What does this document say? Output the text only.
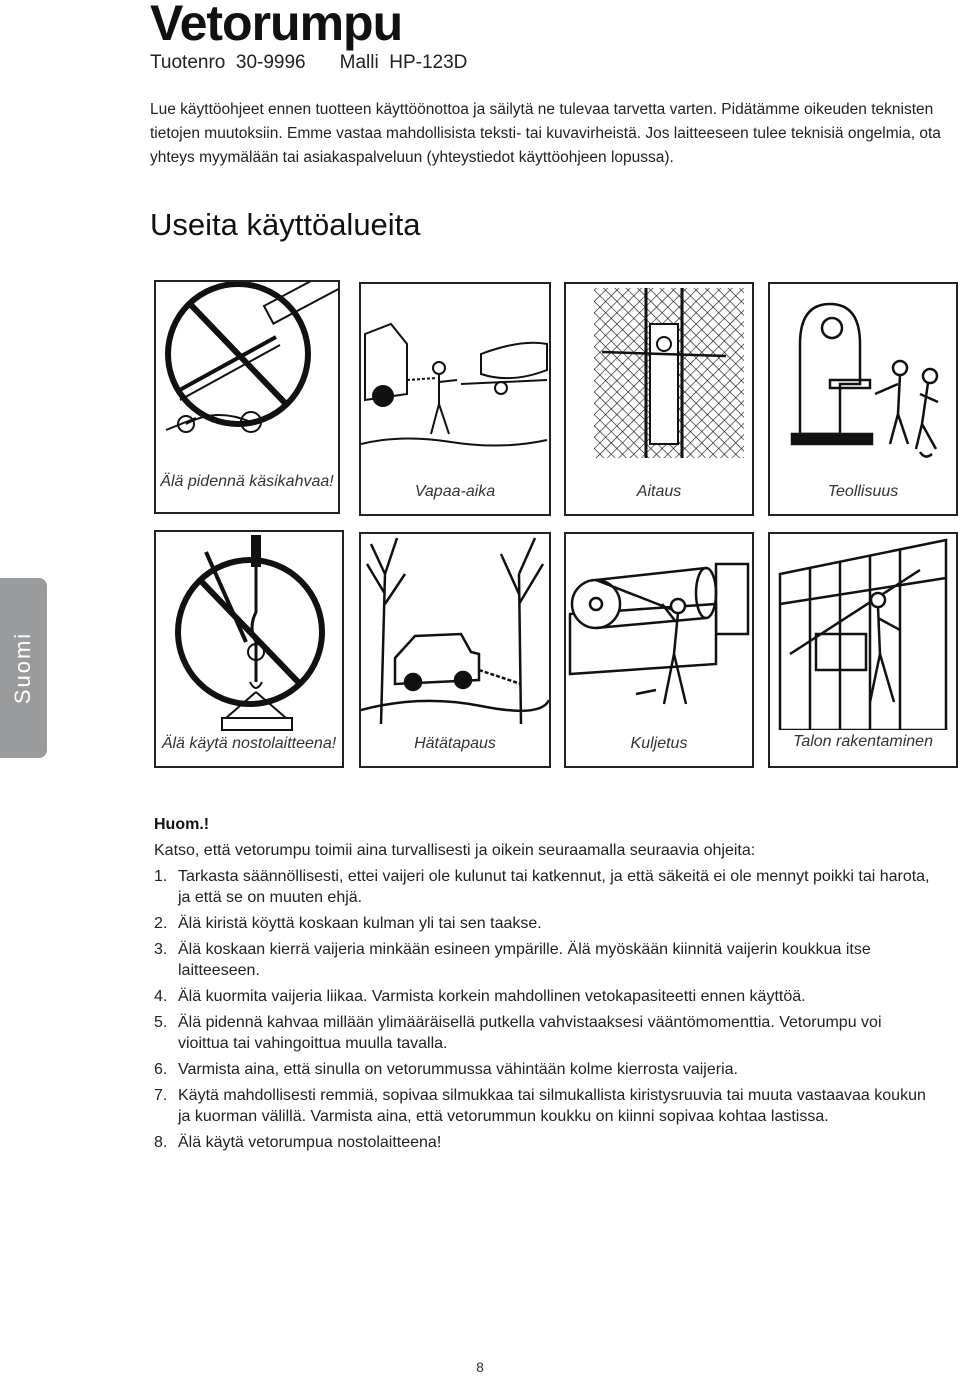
Vetorumpu
Tuotenro  30-9996 Malli  HP-123D

Lue käyttöohjeet ennen tuotteen käyttöönottoa ja säilytä ne tulevaa tarvetta varten. Pidätämme oikeuden teknisten tietojen muutoksiin. Emme vastaa mahdollisista teksti- tai kuvavirheistä. Jos laitteeseen tulee teknisiä ongelmia, ota yhteys myymälään tai asiakaspalveluun (yhteystiedot käyttöohjeen lopussa).

Useita käyttöalueita
Älä pidennä käsikahvaa!
Vapaa-aika	Aitaus	Teollisuus
Älä käytä nostolaitteena!	Hätätapaus	Kuljetus	Talon rakentaminen
Suomi
Huom.!
Katso, että vetorumpu toimii aina turvallisesti ja oikein seuraamalla seuraavia ohjeita:
1. Tarkasta säännöllisesti, ettei vaijeri ole kulunut tai katkennut, ja että säkeitä ei ole mennyt poikki tai harota, ja että se on muuten ehjä.
2. Älä kiristä köyttä koskaan kulman yli tai sen taakse.
3. Älä koskaan kierrä vaijeria minkään esineen ympärille. Älä myöskään kiinnitä vaijerin koukkua itse laitteeseen.
4. Älä kuormita vaijeria liikaa. Varmista korkein mahdollinen vetokapasiteetti ennen käyttöä.
5. Älä pidennä kahvaa millään ylimääräisellä putkella vahvistaaksesi vääntömomenttia. Vetorumpu voi vioittua tai vahingoittua muulla tavalla.
6. Varmista aina, että sinulla on vetorummussa vähintään kolme kierrosta vaijeria.
7. Käytä mahdollisesti remmiä, sopivaa silmukkaa tai silmukallista kiristysruuvia tai muuta vastaavaa koukun ja kuorman välillä. Varmista aina, että vetorummun koukku on kiinni sopivaa kohtaa lastissa.
8. Älä käytä vetorumpua nostolaitteena!
8
